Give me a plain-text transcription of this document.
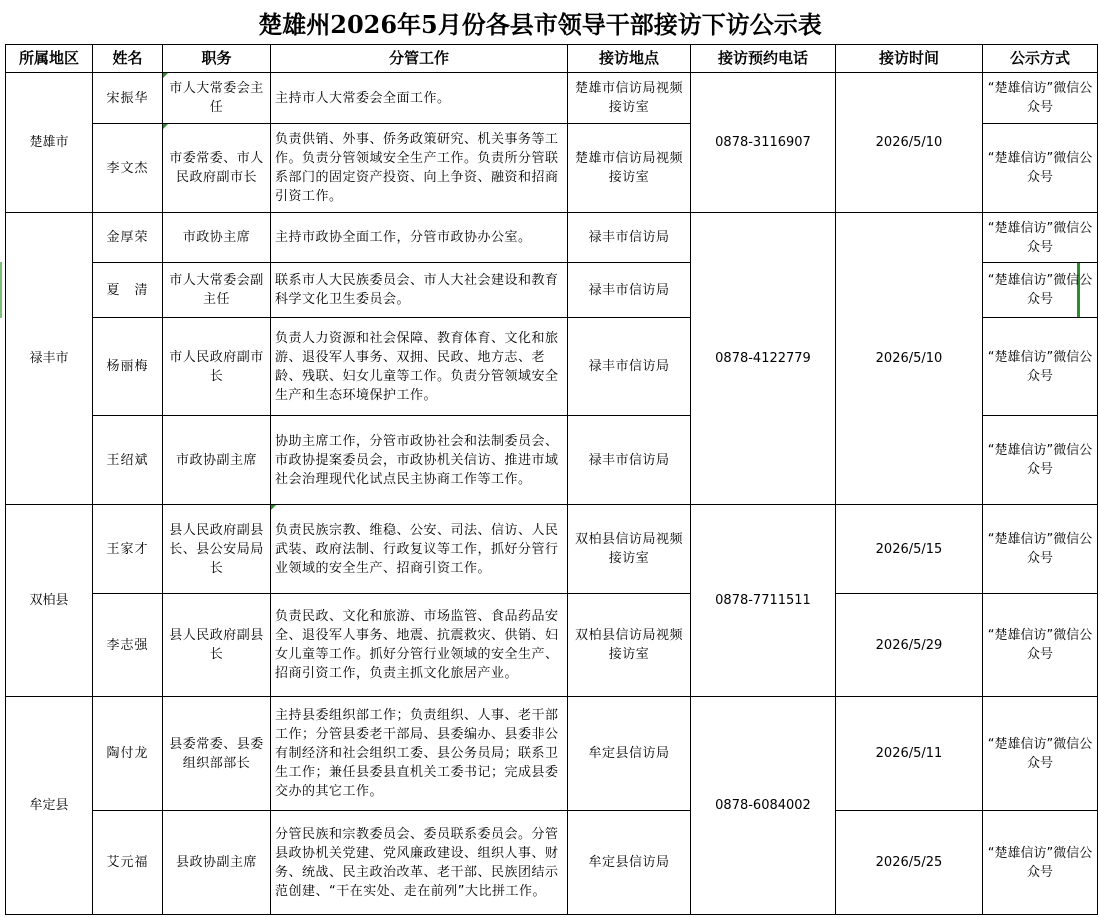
楚雄州2026年5月份各县市领导干部接访下访公示表
所属地区	姓名	职务	分管工作	接访地点	接访预约电话	接访时间	公示方式
楚雄市	宋振华	市人大常委会主任	主持市人大常委会全面工作。	楚雄市信访局视频接访室	0878-3116907	2026/5/10	“楚雄信访”微信公众号
	李文杰	市委常委、市人民政府副市长	负责供销、外事、侨务政策研究、机关事务等工作。负责分管领域安全生产工作。负责所分管联系部门的固定资产投资、向上争资、融资和招商引资工作。	楚雄市信访局视频接访室			“楚雄信访”微信公众号
禄丰市	金厚荣	市政协主席	主持市政协全面工作，分管市政协办公室。	禄丰市信访局	0878-4122779	2026/5/10	“楚雄信访”微信公众号
	夏　清	市人大常委会副主任	联系市人大民族委员会、市人大社会建设和教育科学文化卫生委员会。	禄丰市信访局			“楚雄信访”微信公众号
	杨丽梅	市人民政府副市长	负责人力资源和社会保障、教育体育、文化和旅游、退役军人事务、双拥、民政、地方志、老龄、残联、妇女儿童等工作。负责分管领域安全生产和生态环境保护工作。	禄丰市信访局			“楚雄信访”微信公众号
	王绍斌	市政协副主席	协助主席工作，分管市政协社会和法制委员会、市政协提案委员会，市政协机关信访、推进市域社会治理现代化试点民主协商工作等工作。	禄丰市信访局			“楚雄信访”微信公众号
双柏县	王家才	县人民政府副县长、县公安局局长	负责民族宗教、维稳、公安、司法、信访、人民武装、政府法制、行政复议等工作，抓好分管行业领域的安全生产、招商引资工作。	双柏县信访局视频接访室	0878-7711511	2026/5/15	“楚雄信访”微信公众号
	李志强	县人民政府副县长	负责民政、文化和旅游、市场监管、食品药品安全、退役军人事务、地震、抗震救灾、供销、妇女儿童等工作。抓好分管行业领域的安全生产、招商引资工作，负责主抓文化旅居产业。	双柏县信访局视频接访室		2026/5/29	“楚雄信访”微信公众号
牟定县	陶付龙	县委常委、县委组织部部长	主持县委组织部工作；负责组织、人事、老干部工作；分管县委老干部局、县委编办、县委非公有制经济和社会组织工委、县公务员局；联系卫生工作；兼任县委县直机关工委书记；完成县委交办的其它工作。	牟定县信访局	0878-6084002	2026/5/11	“楚雄信访”微信公众号
	艾元福	县政协副主席	分管民族和宗教委员会、委员联系委员会。分管县政协机关党建、党风廉政建设、组织人事、财务、统战、民主政治改革、老干部、民族团结示范创建、“干在实处、走在前列”大比拼工作。	牟定县信访局		2026/5/25	“楚雄信访”微信公众号
